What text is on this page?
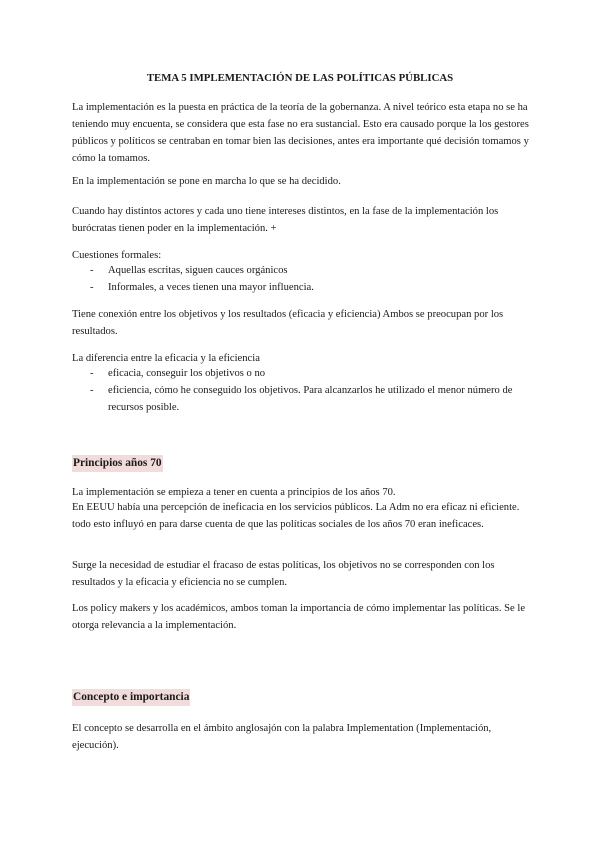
TEMA 5 IMPLEMENTACIÓN DE LAS POLÍTICAS PÚBLICAS

La implementación es la puesta en práctica de la teoría de la gobernanza. A nivel teórico esta etapa no se ha teniendo muy encuenta, se considera que esta fase no era sustancial. Esto era causado porque la los gestores públicos y políticos se centraban en tomar bien las decisiones, antes era importante qué decisión tomamos y cómo la tomamos.

En la implementación se pone en marcha lo que se ha decidido.

Cuando hay distintos actores y cada uno tiene intereses distintos, en la fase de la implementación los burócratas tienen poder en la implementación. +

Cuestiones formales:

- Aquellas escritas, siguen cauces orgánicos
- Informales, a veces tienen una mayor influencia.

Tiene conexión entre los objetivos y los resultados (eficacia y eficiencia) Ambos se preocupan por los resultados.

La diferencia entre la eficacia y la eficiencia

- eficacia, conseguir los objetivos o no
- eficiencia, cómo he conseguido los objetivos. Para alcanzarlos he utilizado el menor número de recursos posible.
Principios años 70

La implementación se empieza a tener en cuenta a principios de los años 70.

En EEUU había una percepción de ineficacia en los servicios públicos. La Adm no era eficaz ni eficiente. todo esto influyó en para darse cuenta de que las políticas sociales de los años 70 eran ineficaces.

Surge la necesidad de estudiar el fracaso de estas políticas, los objetivos no se corresponden con los resultados y la eficacia y eficiencia no se cumplen.

Los policy makers y los académicos, ambos toman la importancia de cómo implementar las políticas. Se le otorga relevancia a la implementación.

Concepto e importancia

El concepto se desarrolla en el ámbito anglosajón con la palabra Implementation (Implementación, ejecución).
